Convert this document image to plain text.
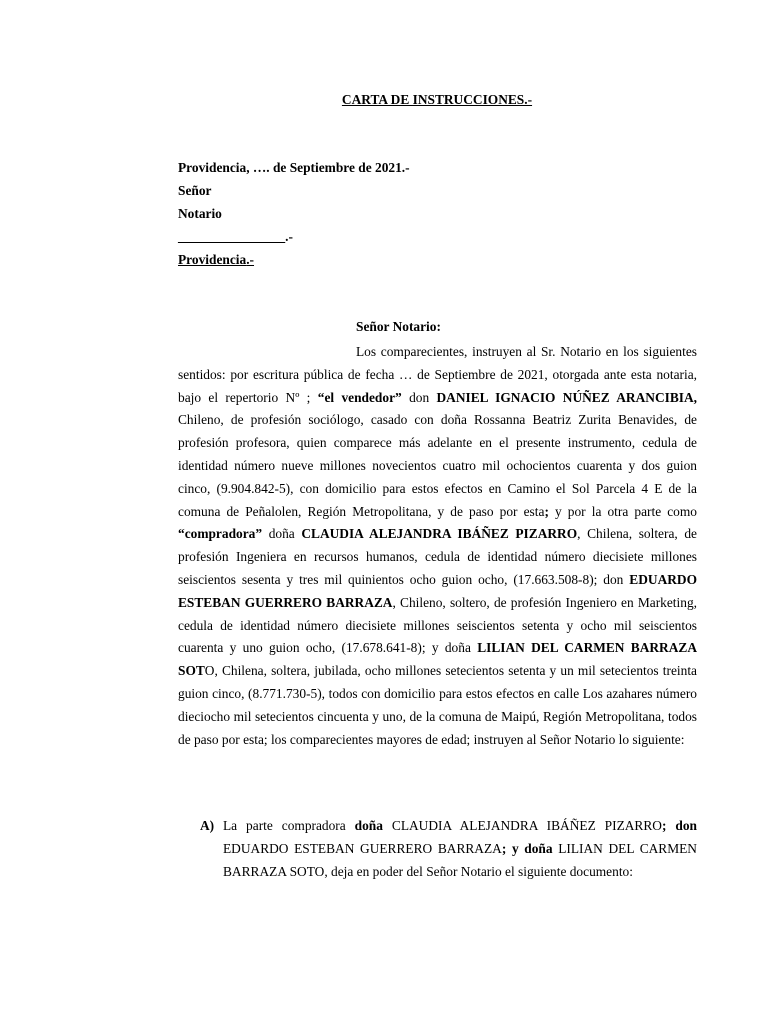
CARTA DE INSTRUCCIONES.-
Providencia, …. de Septiembre de 2021.-
Señor
Notario
________________.-
Providencia.-
Señor Notario:
Los comparecientes, instruyen al Sr. Notario en los siguientes sentidos: por escritura pública de fecha … de Septiembre de 2021, otorgada ante esta notaria, bajo el repertorio Nº ; “el vendedor” don DANIEL IGNACIO NÚÑEZ ARANCIBIA, Chileno, de profesión sociólogo, casado con doña Rossanna Beatriz Zurita Benavides, de profesión profesora, quien comparece más adelante en el presente instrumento, cedula de identidad número nueve millones novecientos cuatro mil ochocientos cuarenta y dos guion cinco, (9.904.842-5), con domicilio para estos efectos en Camino el Sol Parcela 4 E de la comuna de Peñalolen, Región Metropolitana, y de paso por esta; y por la otra parte como “compradora” doña CLAUDIA ALEJANDRA IBÁÑEZ PIZARRO, Chilena, soltera, de profesión Ingeniera en recursos humanos, cedula de identidad número diecisiete millones seiscientos sesenta y tres mil quinientos ocho guion ocho, (17.663.508-8); don EDUARDO ESTEBAN GUERRERO BARRAZA, Chileno, soltero, de profesión Ingeniero en Marketing, cedula de identidad número diecisiete millones seiscientos setenta y ocho mil seiscientos cuarenta y uno guion ocho, (17.678.641-8); y doña LILIAN DEL CARMEN BARRAZA SOTO, Chilena, soltera, jubilada, ocho millones setecientos setenta y un mil setecientos treinta guion cinco, (8.771.730-5), todos con domicilio para estos efectos en calle Los azahares número dieciocho mil setecientos cincuenta y uno, de la comuna de Maipú, Región Metropolitana, todos de paso por esta; los comparecientes mayores de edad; instruyen al Señor Notario lo siguiente:
A) La parte compradora doña CLAUDIA ALEJANDRA IBÁÑEZ PIZARRO; don EDUARDO ESTEBAN GUERRERO BARRAZA; y doña LILIAN DEL CARMEN BARRAZA SOTO, deja en poder del Señor Notario el siguiente documento:
